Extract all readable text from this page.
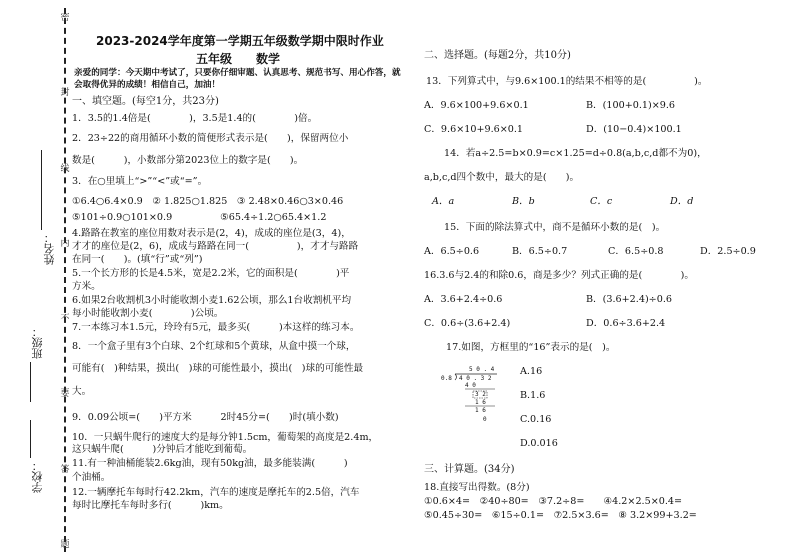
姓名：
班级：
学校：
密
封
线
内
不
要
答
题
2023-2024学年度第一学期五年级数学期中限时作业
五年级　　数学
亲爱的同学：今天期中考试了，只要你仔细审题、认真思考、规范书写、用心作答，就
会取得优异的成绩！相信自己，加油！
一、填空题。(每空1分，共23分)
1．3.5的1.4倍是(　　　　)，3.5是1.4的(　　　　)倍。
2．23÷22的商用循环小数的简便形式表示是(　　)，保留两位小
数是(　　　)，小数部分第2023位上的数字是(　　)。
3．在○里填上“>”“<”或“=”。
①6.4○6.4×0.9　② 1.825○1.825　③ 2.48×0.46○3×0.46
⑤101÷0.9○101×0.9　　　　　⑤65.4÷1.2○65.4×1.2
4.路路在教室的座位用数对表示是(2，4)，成成的座位是(3，4)，
才才的座位是(2，6)，成成与路路在同一(　　　　　)，才才与路路
在同一(　　)。(填“行”或“列”)
5.一个长方形的长是4.5米，宽是2.2米，它的面积是(　　　　)平
方米。
6.如果2台收割机3小时能收割小麦1.62公顷，那么1台收割机平均
每小时能收割小麦(　　　　)公顷。
7.一本练习本1.5元，玲玲有5元，最多买(　　　)本这样的练习本。
8．一个盒子里有3个白球、2个红球和5个黄球，从盒中摸一个球，
可能有(　)种结果，摸出(　)球的可能性最小，摸出(　)球的可能性最
大。
9．0.09公顷=(　　)平方米　　　2时45分=(　　)时(填小数)
10．一只蜗牛爬行的速度大约是每分钟1.5cm，葡萄架的高度是2.4m，
这只蜗牛爬(　　　)分钟后才能吃到葡萄。
11.有一种油桶能装2.6kg油，现有50kg油，最多能装满(　　　)
个油桶。
12.一辆摩托车每时行42.2km，汽车的速度是摩托车的2.5倍，汽车
每时比摩托车每时多行(　　　)km。
二、选择题。(每题2分，共10分)
13．下列算式中，与9.6×100.1的结果不相等的是(　　　　　)。
A．9.6×100+9.6×0.1	B．(100+0.1)×9.6
C．9.6×10+9.6×0.1	D．(10−0.4)×100.1
14．若a÷2.5=b×0.9=c×1.25=d÷0.8(a,b,c,d都不为0)，
a,b,c,d四个数中，最大的是(　　)。
A．a	B．b	C．c	D．d
15．下面的除法算式中，商不是循环小数的是(　)。
A．6.5÷0.6	B．6.5÷0.7	C．6.5÷0.8	D．2.5÷0.9
16.3.6与2.4的和除0.6，商是多少？列式正确的是(　　　　)。
A．3.6+2.4÷0.6	B．(3.6+2.4)÷0.6
C．0.6÷(3.6+2.4)	D．0.6÷3.6+2.4
17.如图，方框里的“16”表示的是(　)。
A.16
B.1.6
C.0.16
D.0.016
三、计算题。(34分)
18.直接写出得数。(8分)
①0.6×4=　②40÷80=　③7.2÷8=　　④4.2×2.5×0.4=
⑤0.45÷30=　⑥15÷0.1=　⑦2.5×3.6=　⑧ 3.2×99+3.2=
5 0 . 4
0.8 4 0 . 3 2
4 0
3 2
1 6
1 6
0
